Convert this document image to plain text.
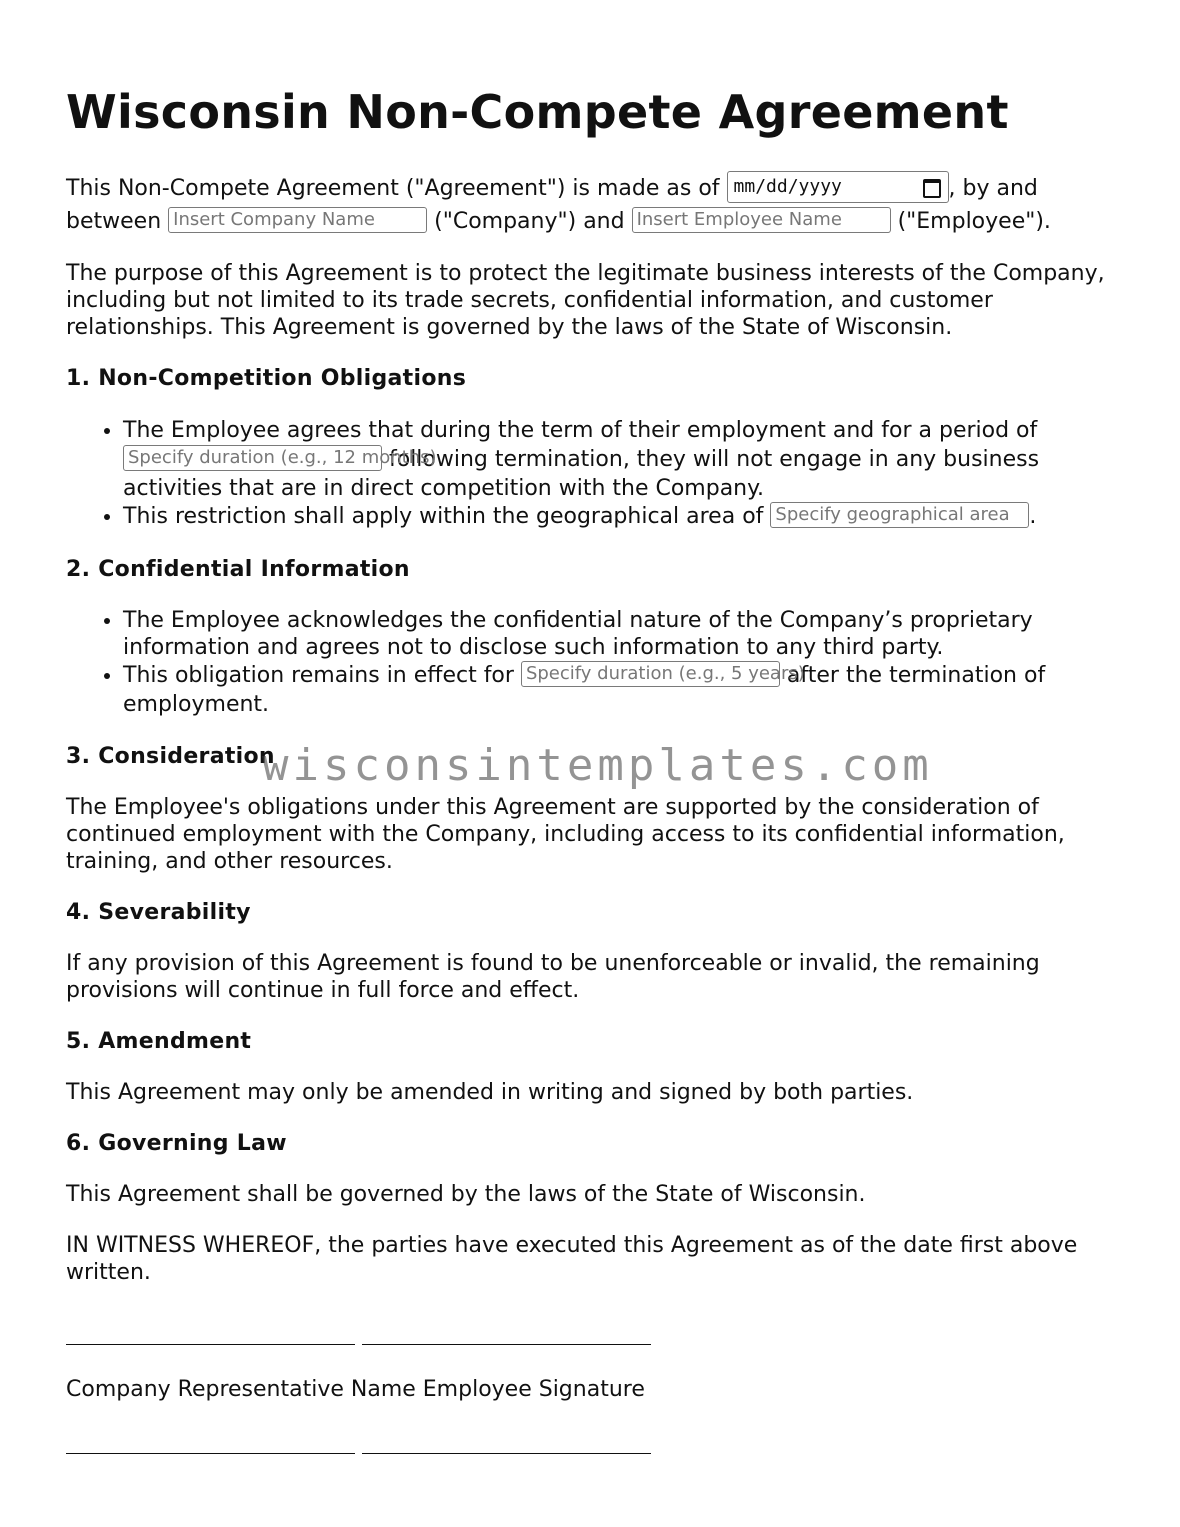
Wisconsin Non-Compete Agreement

This Non-Compete Agreement ("Agreement") is made as of mm/dd/yyyy	, by and between Insert Company Name ("Company") and Insert Employee Name ("Employee").

The purpose of this Agreement is to protect the legitimate business interests of the Company, including but not limited to its trade secrets, confidential information, and customer relationships. This Agreement is governed by the laws of the State of Wisconsin.

1. Non-Competition Obligations
• The Employee agrees that during the term of their employment and for a period of Specify duration (e.g., 12 months) following termination, they will not engage in any business activities that are in direct competition with the Company.
• This restriction shall apply within the geographical area of Specify geographical area .
2. Confidential Information
• The Employee acknowledges the confidential nature of the Company’s proprietary information and agrees not to disclose such information to any third party.
• This obligation remains in effect for Specify duration (e.g., 5 years) after the termination of employment.
3. Consideration

The Employee's obligations under this Agreement are supported by the consideration of continued employment with the Company, including access to its confidential information, training, and other resources.

4. Severability

If any provision of this Agreement is found to be unenforceable or invalid, the remaining provisions will continue in full force and effect.

5. Amendment

This Agreement may only be amended in writing and signed by both parties.

6. Governing Law

This Agreement shall be governed by the laws of the State of Wisconsin.

IN WITNESS WHEREOF, the parties have executed this Agreement as of the date first above written.

Company Representative Name Employee Signature

wisconsintemplates.com
